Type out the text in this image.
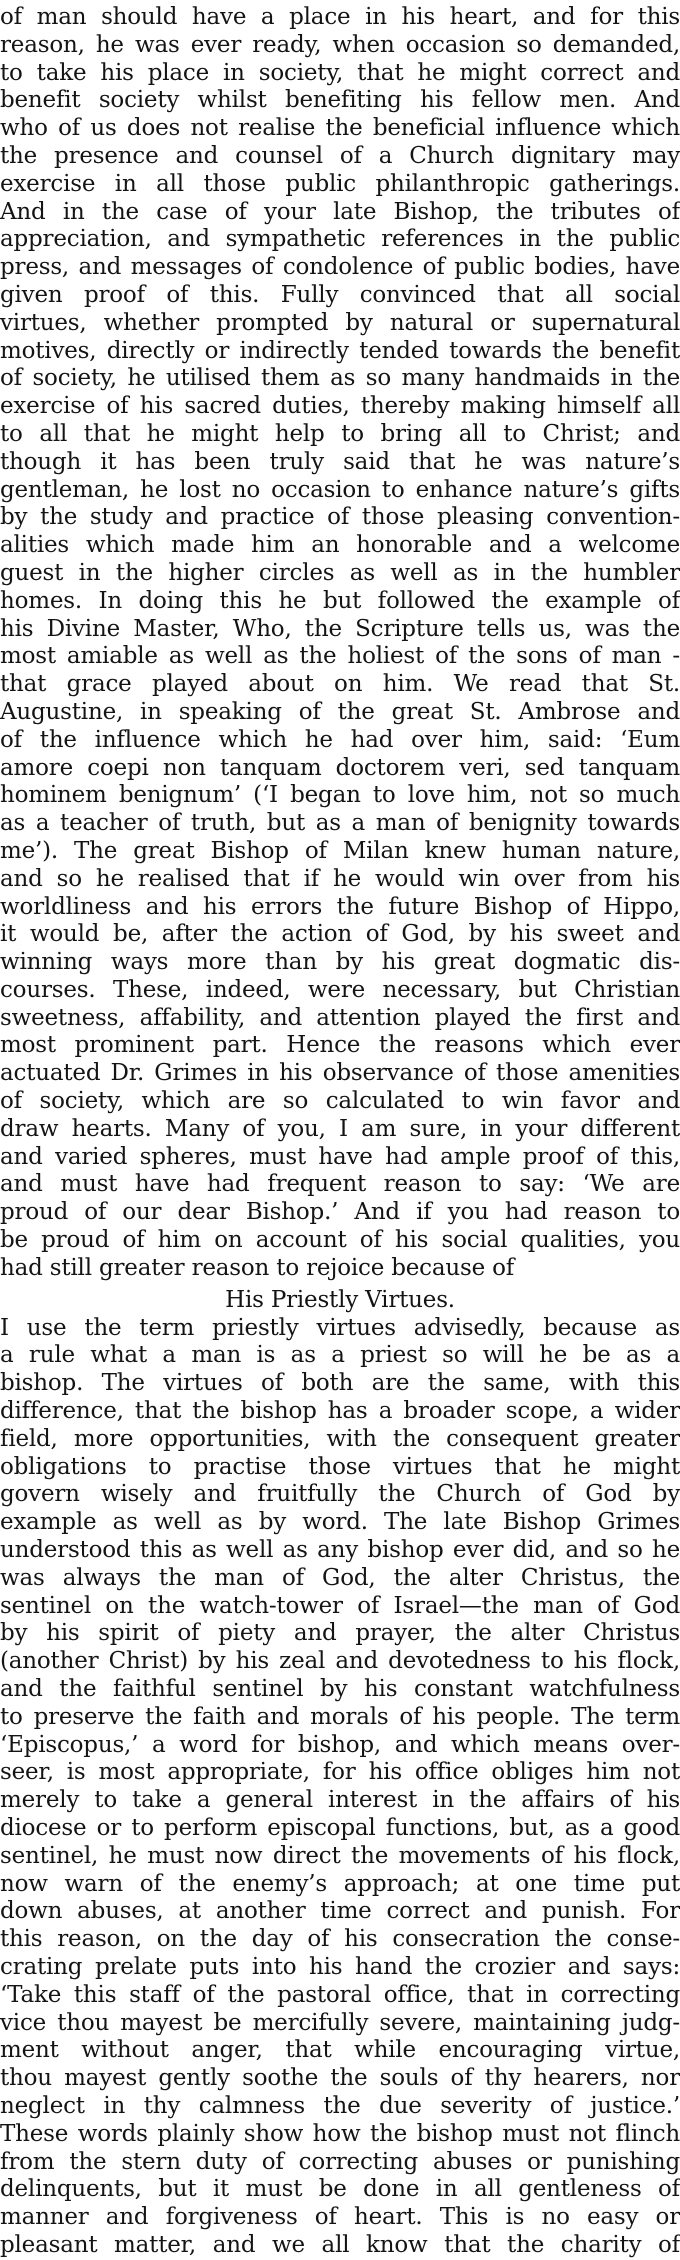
of man should have a place in his heart, and for this
reason, he was ever ready, when occasion so demanded,
to take his place in society, that he might correct and
benefit society whilst benefiting his fellow men. And
who of us does not realise the beneficial influence which
the presence and counsel of a Church dignitary may
exercise in all those public philanthropic gatherings.
And in the case of your late Bishop, the tributes of
appreciation, and sympathetic references in the public
press, and messages of condolence of public bodies, have
given proof of this. Fully convinced that all social
virtues, whether prompted by natural or supernatural
motives, directly or indirectly tended towards the benefit
of society, he utilised them as so many handmaids in the
exercise of his sacred duties, thereby making himself all
to all that he might help to bring all to Christ; and
though it has been truly said that he was nature’s
gentleman, he lost no occasion to enhance nature’s gifts
by the study and practice of those pleasing convention-
alities which made him an honorable and a welcome
guest in the higher circles as well as in the humbler
homes. In doing this he but followed the example of
his Divine Master, Who, the Scripture tells us, was the
most amiable as well as the holiest of the sons of man -
that grace played about on him. We read that St.
Augustine, in speaking of the great St. Ambrose and
of the influence which he had over him, said: ‘Eum
amore coepi non tanquam doctorem veri, sed tanquam
hominem benignum’ (‘I began to love him, not so much
as a teacher of truth, but as a man of benignity towards
me’). The great Bishop of Milan knew human nature,
and so he realised that if he would win over from his
worldliness and his errors the future Bishop of Hippo,
it would be, after the action of God, by his sweet and
winning ways more than by his great dogmatic dis-
courses. These, indeed, were necessary, but Christian
sweetness, affability, and attention played the first and
most prominent part. Hence the reasons which ever
actuated Dr. Grimes in his observance of those amenities
of society, which are so calculated to win favor and
draw hearts. Many of you, I am sure, in your different
and varied spheres, must have had ample proof of this,
and must have had frequent reason to say: ‘We are
proud of our dear Bishop.’ And if you had reason to
be proud of him on account of his social qualities, you
had still greater reason to rejoice because of
His Priestly Virtues.
I use the term priestly virtues advisedly, because as
a rule what a man is as a priest so will he be as a
bishop. The virtues of both are the same, with this
difference, that the bishop has a broader scope, a wider
field, more opportunities, with the consequent greater
obligations to practise those virtues that he might
govern wisely and fruitfully the Church of God by
example as well as by word. The late Bishop Grimes
understood this as well as any bishop ever did, and so he
was always the man of God, the alter Christus, the
sentinel on the watch-tower of Israel—the man of God
by his spirit of piety and prayer, the alter Christus
(another Christ) by his zeal and devotedness to his flock,
and the faithful sentinel by his constant watchfulness
to preserve the faith and morals of his people. The term
‘Episcopus,’ a word for bishop, and which means over-
seer, is most appropriate, for his office obliges him not
merely to take a general interest in the affairs of his
diocese or to perform episcopal functions, but, as a good
sentinel, he must now direct the movements of his flock,
now warn of the enemy’s approach; at one time put
down abuses, at another time correct and punish. For
this reason, on the day of his consecration the conse-
crating prelate puts into his hand the crozier and says:
‘Take this staff of the pastoral office, that in correcting
vice thou mayest be mercifully severe, maintaining judg-
ment without anger, that while encouraging virtue,
thou mayest gently soothe the souls of thy hearers, nor
neglect in thy calmness the due severity of justice.’
These words plainly show how the bishop must not flinch
from the stern duty of correcting abuses or punishing
delinquents, but it must be done in all gentleness of
manner and forgiveness of heart. This is no easy or
pleasant matter, and we all know that the charity of
